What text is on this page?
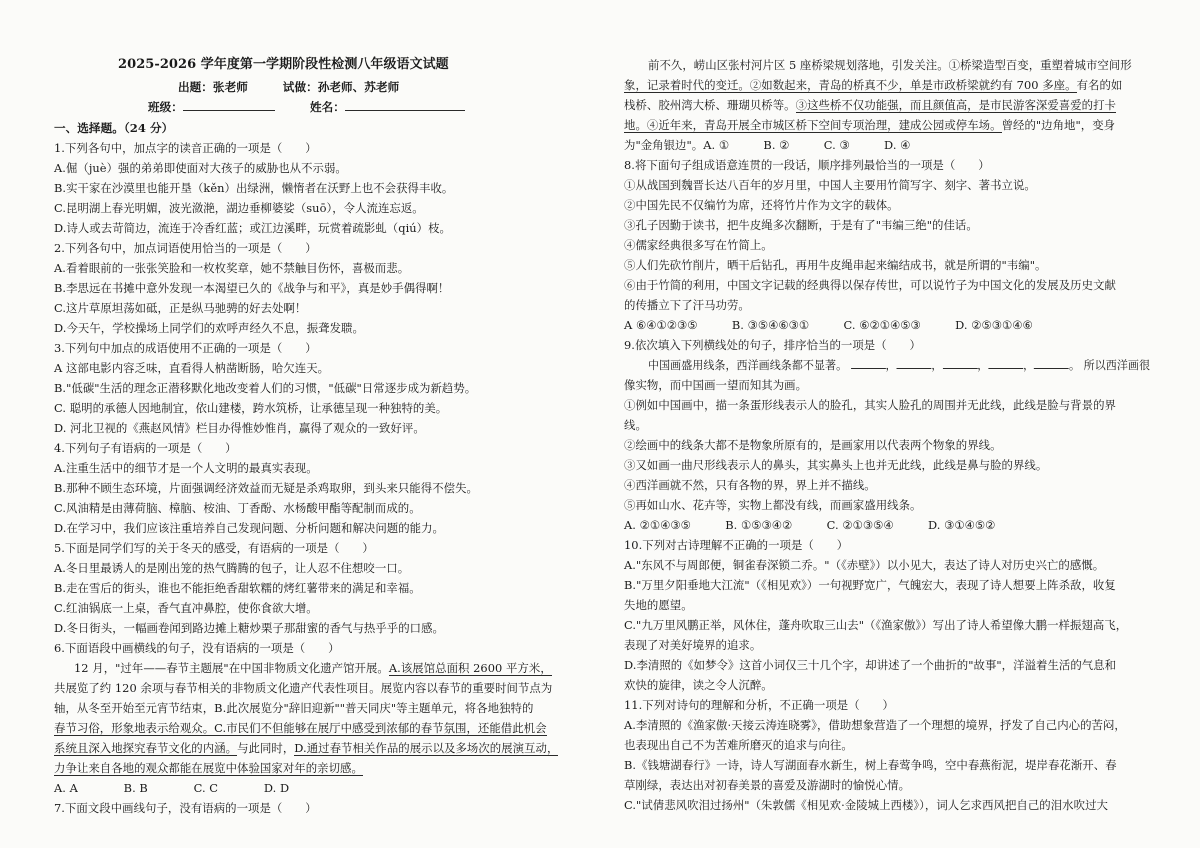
2025-2026 学年度第一学期阶段性检测八年级语文试题
出题：张老师　　　试做：孙老师、苏老师
班级：	姓名：
一、选择题。（24 分）
1.下列各句中，加点字的读音正确的一项是（　　）
A.倔（juè）强的弟弟即使面对大孩子的威胁也从不示弱。
B.实干家在沙漠里也能开垦（kěn）出绿洲，懒惰者在沃野上也不会获得丰收。
C.昆明湖上春光明媚，波光潋滟，湖边垂柳婆娑（suō），令人流连忘返。
D.诗人或去苛简边，流连于冷香红蓝；或江边溪畔，玩赏着疏影虬（qiú）枝。
2.下列各句中，加点词语使用恰当的一项是（　　）
A.看着眼前的一张张笑脸和一枚枚奖章，她不禁触目伤怀，喜极而悲。
B.李思远在书摊中意外发现一本渴望已久的《战争与和平》，真是妙手偶得啊！
C.这片草原坦荡如砥，正是纵马驰骋的好去处啊！
D.今天午，学校操场上同学们的欢呼声经久不息，振聋发聩。
3.下列句中加点的成语使用不正确的一项是（　　）
A 这部电影内容乏味，直看得人枘凿断肠，哈欠连天。
B."低碳"生活的理念正潜移默化地改变着人们的习惯，"低碳"日常逐步成为新趋势。
C. 聪明的承德人因地制宜，依山建楼，跨水筑桥，让承德呈现一种独特的美。
D. 河北卫视的《燕赵风情》栏目办得惟妙惟肖，赢得了观众的一致好评。
4.下列句子有语病的一项是（　　）
A.注重生活中的细节才是一个人文明的最真实表现。
B.那种不顾生态环境，片面强调经济效益而无疑是杀鸡取卵，到头来只能得不偿失。
C.风油精是由薄荷脑、樟脑、桉油、丁香酚、水杨酸甲酯等配制而成的。
D.在学习中，我们应该注重培养自己发现问题、分析问题和解决问题的能力。
5.下面是同学们写的关于冬天的感受，有语病的一项是（　　）
A.冬日里最诱人的是刚出笼的热气腾腾的包子，让人忍不住想咬一口。
B.走在雪后的街头，谁也不能拒绝香甜软糯的烤红薯带来的满足和幸福。
C.红油锅底一上桌，香气直冲鼻腔，使你食欲大增。
D.冬日街头，一幅画卷闻到路边摊上糖炒栗子那甜蜜的香气与热乎乎的口感。
6.下面语段中画横线的句子，没有语病的一项是（　　）
12 月，"过年——春节主题展"在中国非物质文化遗产馆开展。A.该展馆总面积 2600 平方米，
共展览了约 120 余项与春节相关的非物质文化遗产代表性项目。展览内容以春节的重要时间节点为
轴，从冬至开始至元宵节结束，B.此次展览分"辞旧迎新""普天同庆"等主题单元，将各地独特的
春节习俗，形象地表示给观众。C.市民们不但能够在展厅中感受到浓郁的春节氛围，还能借此机会
系统且深入地探究春节文化的内涵。与此同时，D.通过春节相关作品的展示以及多场次的展演互动，
力争让来自各地的观众都能在展览中体验国家对年的亲切感。
A. A　　　　B. B　　　　C. C　　　　D. D
7.下面文段中画线句子，没有语病的一项是（　　）
前不久，崂山区张村河片区 5 座桥梁规划落地，引发关注。①桥梁造型百变，重塑着城市空间形
象，记录着时代的变迁。②如数起来，青岛的桥真不少，单是市政桥梁就约有 700 多座。有名的如
栈桥、胶州湾大桥、珊瑚贝桥等。③这些桥不仅功能强，而且颜值高，是市民游客深爱喜爱的打卡
地。④近年来，青岛开展全市城区桥下空间专项治理，建成公园或停车场。曾经的"边角地"，变身
为"金角银边"。A. ①　　　B. ②　　　C. ③　　　D. ④
8.将下面句子组成语意连贯的一段话，顺序排列最恰当的一项是（　　）
①从战国到魏晋长达八百年的岁月里，中国人主要用竹简写字、刻字、著书立说。
②中国先民不仅编竹为席，还将竹片作为文字的载体。
③孔子因勤于读书，把牛皮绳多次翻断，于是有了"韦编三绝"的佳话。
④儒家经典很多写在竹简上。
⑤人们先砍竹削片，晒干后钻孔，再用牛皮绳串起来编结成书，就是所谓的"韦编"。
⑥由于竹简的利用，中国文字记载的经典得以保存传世，可以说竹子为中国文化的发展及历史文献
的传播立下了汗马功劳。
A ⑥④①②③⑤　　　B. ③⑤④⑥③①　　　C. ⑥②①④⑤③　　　D. ②⑤③①④⑥
9.依次填入下列横线处的句子，排序恰当的一项是（　　）
中国画盛用线条，西洋画线条都不显著。	，	，	，	，	。 所以西洋画很
像实物，而中国画一望而知其为画。
①例如中国画中，描一条蛋形线表示人的脸孔，其实人脸孔的周围并无此线，此线是脸与背景的界
线。
②绘画中的线条大都不是物象所原有的，是画家用以代表两个物象的界线。
③又如画一曲尺形线表示人的鼻头，其实鼻头上也并无此线，此线是鼻与脸的界线。
④西洋画就不然，只有各物的界，界上并不描线。
⑤再如山水、花卉等，实物上都没有线，而画家盛用线条。
A. ②①④③⑤　　　B. ①⑤③④②　　　C. ②①③⑤④　　　D. ③①④⑤②
10.下列对古诗理解不正确的一项是（　　）
A."东风不与周郎便，铜雀春深锁二乔。"（《赤壁》）以小见大，表达了诗人对历史兴亡的感慨。
B."万里夕阳垂地大江流"（《相见欢》）一句视野宽广，气魄宏大，表现了诗人想要上阵杀敌，收复
失地的愿望。
C."九万里风鹏正举，风休住，蓬舟吹取三山去"（《渔家傲》）写出了诗人希望像大鹏一样振翅高飞，
表现了对美好境界的追求。
D.李清照的《如梦令》这首小词仅三十几个字，却讲述了一个曲折的"故事"，洋溢着生活的气息和
欢快的旋律，读之令人沉醉。
11.下列对诗句的理解和分析，不正确一项是（　　）
A.李清照的《渔家傲·天接云涛连晓雾》，借助想象营造了一个理想的境界，抒发了自己内心的苦闷，
也表现出自己不为苦难所磨灭的追求与向往。
B.《钱塘湖春行》一诗，诗人写湖面春水新生，树上春莺争鸣，空中春燕衔泥，堤岸春花渐开、春
草刚绿，表达出对初春美景的喜爱及游湖时的愉悦心情。
C."试倩悲风吹泪过扬州"（朱敦儒《相见欢·金陵城上西楼》），词人乞求西风把自己的泪水吹过大
